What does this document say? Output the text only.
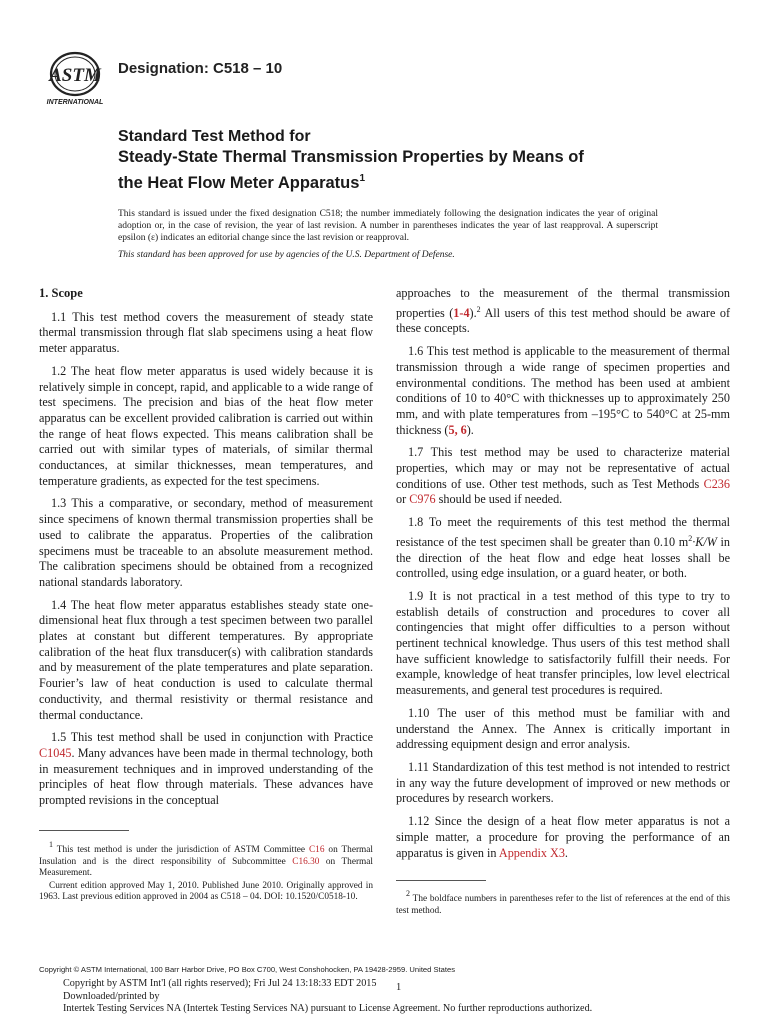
ASTM
INTERNATIONAL
Designation: C518 – 10
Standard Test Method for
Steady-State Thermal Transmission Properties by Means of
the Heat Flow Meter Apparatus$^1$
This standard is issued under the fixed designation C518; the number immediately following the designation indicates the year of original adoption or, in the case of revision, the year of last revision. A number in parentheses indicates the year of last reapproval. A superscript epsilon (ε) indicates an editorial change since the last revision or reapproval.
This standard has been approved for use by agencies of the U.S. Department of Defense.
1. Scope

1.1 This test method covers the measurement of steady state thermal transmission through flat slab specimens using a heat flow meter apparatus.

1.2 The heat flow meter apparatus is used widely because it is relatively simple in concept, rapid, and applicable to a wide range of test specimens. The precision and bias of the heat flow meter apparatus can be excellent provided calibration is carried out within the range of heat flows expected. This means calibration shall be carried out with similar types of materials, of similar thermal conductances, at similar thicknesses, mean temperatures, and temperature gradients, as expected for the test specimens.

1.3 This a comparative, or secondary, method of measurement since specimens of known thermal transmission properties shall be used to calibrate the apparatus. Properties of the calibration specimens must be traceable to an absolute measurement method. The calibration specimens should be obtained from a recognized national standards laboratory.

1.4 The heat flow meter apparatus establishes steady state one-dimensional heat flux through a test specimen between two parallel plates at constant but different temperatures. By appropriate calibration of the heat flux transducer(s) with calibration standards and by measurement of the plate temperatures and plate separation. Fourier’s law of heat conduction is used to calculate thermal conductivity, and thermal resistivity or thermal resistance and thermal conductance.

1.5 This test method shall be used in conjunction with Practice C1045. Many advances have been made in thermal technology, both in measurement techniques and in improved understanding of the principles of heat flow through materials. These advances have prompted revisions in the conceptual

$^1$ This test method is under the jurisdiction of ASTM Committee C16 on Thermal Insulation and is the direct responsibility of Subcommittee C16.30 on Thermal Measurement.

Current edition approved May 1, 2010. Published June 2010. Originally approved in 1963. Last previous edition approved in 2004 as C518 – 04. DOI: 10.1520/C0518-10.

approaches to the measurement of the thermal transmission properties (1-4).$^2$ All users of this test method should be aware of these concepts.

1.6 This test method is applicable to the measurement of thermal transmission through a wide range of specimen properties and environmental conditions. The method has been used at ambient conditions of 10 to 40°C with thicknesses up to approximately 250 mm, and with plate temperatures from –195°C to 540°C at 25-mm thickness (5, 6).

1.7 This test method may be used to characterize material properties, which may or may not be representative of actual conditions of use. Other test methods, such as Test Methods C236 or C976 should be used if needed.

1.8 To meet the requirements of this test method the thermal resistance of the test specimen shall be greater than 0.10 $m^2\cdot K/W$ in the direction of the heat flow and edge heat losses shall be controlled, using edge insulation, or a guard heater, or both.

1.9 It is not practical in a test method of this type to try to establish details of construction and procedures to cover all contingencies that might offer difficulties to a person without pertinent technical knowledge. Thus users of this test method shall have sufficient knowledge to satisfactorily fulfill their needs. For example, knowledge of heat transfer principles, low level electrical measurements, and general test procedures is required.

1.10 The user of this method must be familiar with and understand the Annex. The Annex is critically important in addressing equipment design and error analysis.

1.11 Standardization of this test method is not intended to restrict in any way the future development of improved or new methods or procedures by research workers.

1.12 Since the design of a heat flow meter apparatus is not a simple matter, a procedure for proving the performance of an apparatus is given in Appendix X3.

$^2$ The boldface numbers in parentheses refer to the list of references at the end of this test method.

Copyright © ASTM International, 100 Barr Harbor Drive, PO Box C700, West Conshohocken, PA 19428-2959. United States
Copyright by ASTM Int'l (all rights reserved); Fri Jul 24 13:18:33 EDT 2015
Downloaded/printed by
Intertek Testing Services NA (Intertek Testing Services NA) pursuant to License Agreement. No further reproductions authorized.
1
